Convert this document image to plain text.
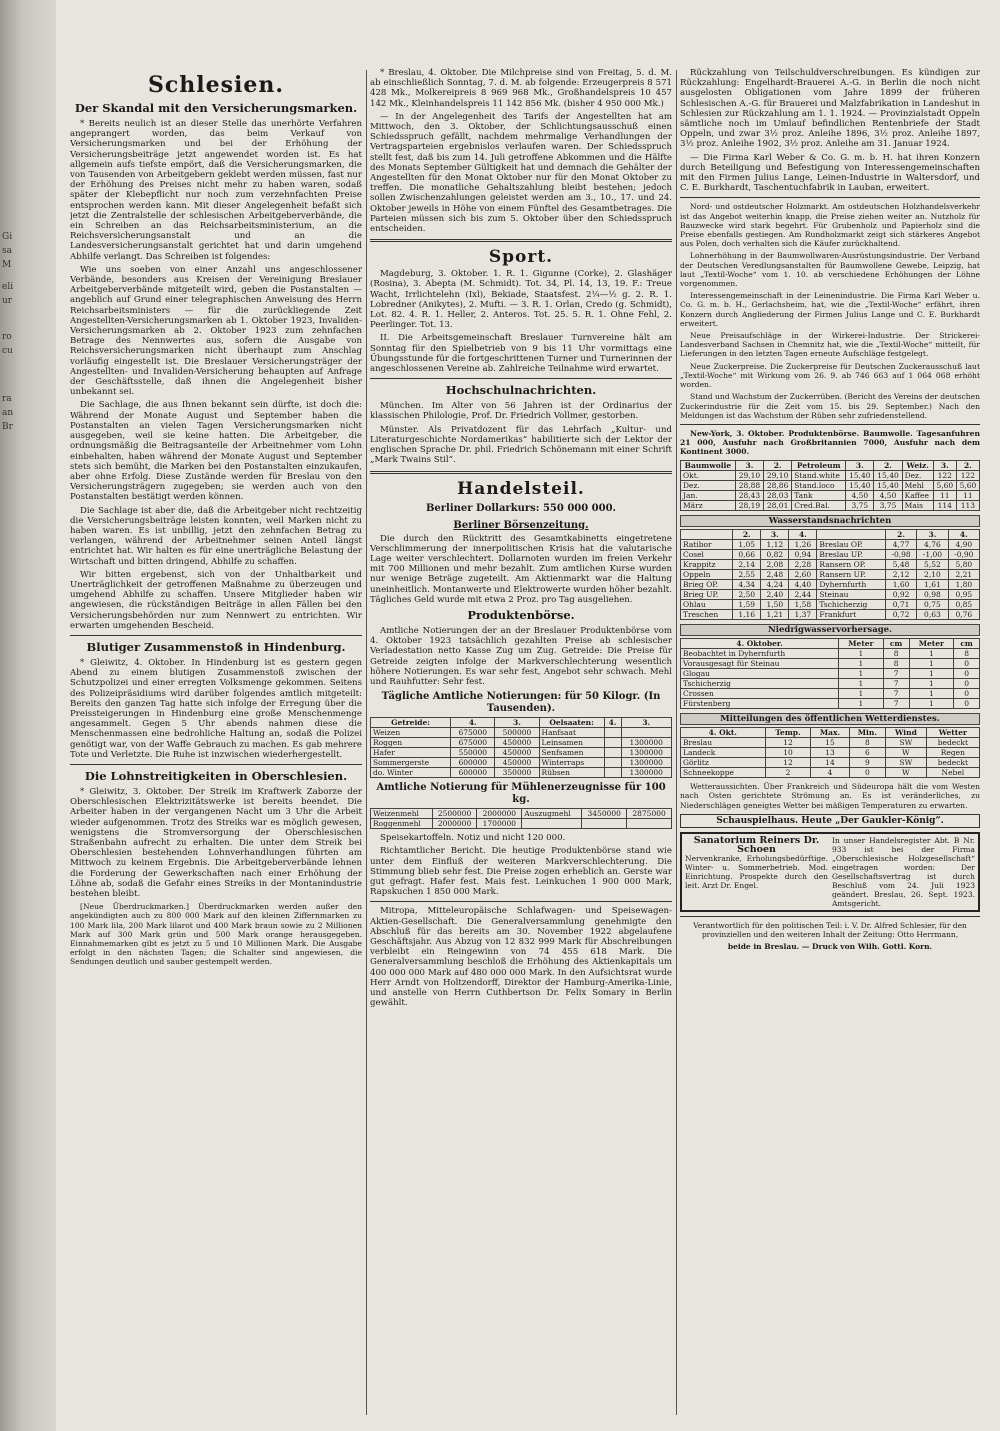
Gi
sa
M
eli
ur
ro
cu
ra
an
Br
Schlesien.
Der Skandal mit den Versicherungsmarken.

* Bereits neulich ist an dieser Stelle das unerhörte Verfahren angeprangert worden, das beim Verkauf von Versicherungsmarken und bei der Erhöhung der Versicherungsbeiträge jetzt angewendet worden ist. Es hat allgemein aufs tiefste empört, daß die Versicherungsmarken, die von Tausenden von Arbeitgebern geklebt werden müssen, fast nur der Erhöhung des Preises nicht mehr zu haben waren, sodaß später der Klebepflicht nur noch zum verzehnfachten Preise entsprochen werden kann. Mit dieser Angelegenheit befaßt sich jetzt die Zentralstelle der schlesischen Arbeitgeberverbände, die ein Schreiben an das Reichsarbeitsministerium, an die Reichsversicherungsanstalt und an die Landesversicherungsanstalt gerichtet hat und darin umgehend Abhilfe verlangt. Das Schreiben ist folgendes:

Wie uns soeben von einer Anzahl uns angeschlossener Verbände, besonders aus Kreisen der Vereinigung Breslauer Arbeitgeberverbände mitgeteilt wird, geben die Postanstalten — angeblich auf Grund einer telegraphischen Anweisung des Herrn Reichsarbeitsministers — für die zurückliegende Zeit Angestellten-Versicherungsmarken ab 1. Oktober 1923, Invaliden-Versicherungsmarken ab 2. Oktober 1923 zum zehnfachen Betrage des Nennwertes aus, sofern die Ausgabe von Reichsversicherungsmarken nicht überhaupt zum Anschlag vorläufig eingestellt ist. Die Breslauer Versicherungsträger der Angestellten- und Invaliden-Versicherung behaupten auf Anfrage der Geschäftsstelle, daß ihnen die Angelegenheit bisher unbekannt sei.

Die Sachlage, die aus Ihnen bekannt sein dürfte, ist doch die: Während der Monate August und September haben die Postanstalten an vielen Tagen Versicherungsmarken nicht ausgegeben, weil sie keine hatten. Die Arbeitgeber, die ordnungsmäßig die Beitragsanteile der Arbeitnehmer vom Lohn einbehalten, haben während der Monate August und September stets sich bemüht, die Marken bei den Postanstalten einzukaufen, aber ohne Erfolg. Diese Zustände werden für Breslau von den Versicherungsträgern zugegeben; sie werden auch von den Postanstalten bestätigt werden können.

Die Sachlage ist aber die, daß die Arbeitgeber nicht rechtzeitig die Versicherungsbeiträge leisten konnten, weil Marken nicht zu haben waren. Es ist unbillig, jetzt den zehnfachen Betrag zu verlangen, während der Arbeitnehmer seinen Anteil längst entrichtet hat. Wir halten es für eine unerträgliche Belastung der Wirtschaft und bitten dringend, Abhilfe zu schaffen.

Wir bitten ergebenst, sich von der Unhaltbarkeit und Unerträglichkeit der getroffenen Maßnahme zu überzeugen und umgehend Abhilfe zu schaffen. Unsere Mitglieder haben wir angewiesen, die rückständigen Beiträge in allen Fällen bei den Versicherungsbehörden nur zum Nennwert zu entrichten. Wir erwarten umgehenden Bescheid.

Blutiger Zusammenstoß in Hindenburg.

* Gleiwitz, 4. Oktober. In Hindenburg ist es gestern gegen Abend zu einem blutigen Zusammenstoß zwischen der Schutzpolizei und einer erregten Volksmenge gekommen. Seitens des Polizeipräsidiums wird darüber folgendes amtlich mitgeteilt: Bereits den ganzen Tag hatte sich infolge der Erregung über die Preissteigerungen in Hindenburg eine große Menschenmenge angesammelt. Gegen 5 Uhr abends nahmen diese die Menschenmassen eine bedrohliche Haltung an, sodaß die Polizei genötigt war, von der Waffe Gebrauch zu machen. Es gab mehrere Tote und Verletzte. Die Ruhe ist inzwischen wiederhergestellt.

Die Lohnstreitigkeiten in Oberschlesien.

* Gleiwitz, 3. Oktober. Der Streik im Kraftwerk Zaborze der Oberschlesischen Elektrizitätswerke ist bereits beendet. Die Arbeiter haben in der vergangenen Nacht um 3 Uhr die Arbeit wieder aufgenommen. Trotz des Streiks war es möglich gewesen, wenigstens die Stromversorgung der Oberschlesischen Straßenbahn aufrecht zu erhalten. Die unter dem Streik bei Oberschlesien bestehenden Lohnverhandlungen führten am Mittwoch zu keinem Ergebnis. Die Arbeitgeberverbände lehnen die Forderung der Gewerkschaften nach einer Erhöhung der Löhne ab, sodaß die Gefahr eines Streiks in der Montanindustrie bestehen bleibt.

[Neue Überdruckmarken.] Überdruckmarken werden außer den angekündigten auch zu 800 000 Mark auf den kleinen Ziffernmarken zu 100 Mark lila, 200 Mark lilarot und 400 Mark braun sowie zu 2 Millionen Mark auf 300 Mark grün und 500 Mark orange herausgegeben. Einnahmemarken gibt es jetzt zu 5 und 10 Millionen Mark. Die Ausgabe erfolgt in den nächsten Tagen; die Schalter sind angewiesen, die Sendungen deutlich und sauber gestempelt werden.

* Breslau, 4. Oktober. Die Milchpreise sind von Freitag, 5. d. M. ab einschließlich Sonntag, 7. d. M. ab folgende: Erzeugerpreis 8 571 428 Mk., Molkereipreis 8 969 968 Mk., Großhandelspreis 10 457 142 Mk., Kleinhandelspreis 11 142 856 Mk. (bisher 4 950 000 Mk.)

— In der Angelegenheit des Tarifs der Angestellten hat am Mittwoch, den 3. Oktober, der Schlichtungsausschuß einen Schiedsspruch gefällt, nachdem mehrmalige Verhandlungen der Vertragsparteien ergebnislos verlaufen waren. Der Schiedsspruch stellt fest, daß bis zum 14. Juli getroffene Abkommen und die Hälfte des Monats September Gültigkeit hat und demnach die Gehälter der Angestellten für den Monat Oktober nur für den Monat Oktober zu treffen. Die monatliche Gehaltszahlung bleibt bestehen; jedoch sollen Zwischenzahlungen geleistet werden am 3., 10., 17. und 24. Oktober jeweils in Höhe von einem Fünftel des Gesamtbetrages. Die Parteien müssen sich bis zum 5. Oktober über den Schiedsspruch entscheiden.

Sport.

Magdeburg, 3. Oktober. 1. R. 1. Gigunne (Corke), 2. Glashäger (Rosina), 3. Abepta (M. Schmidt). Tot. 34, Pl. 14, 13, 19. F.: Treue Wacht, Irrlichtelehn (Ixl), Bekiade, Staatsfest. 2¼—½ g. 2. R. 1. Lobredner (Anikytes), 2. Mufti. — 3. R. 1. Orlan, Credo (g. Schmidt), Lot. 82. 4. R. 1. Heller, 2. Anteros. Tot. 25. 5. R. 1. Ohne Fehl, 2. Peerlinger. Tot. 13.

II. Die Arbeitsgemeinschaft Breslauer Turnvereine hält am Sonntag für den Spielbetrieb von 9 bis 11 Uhr vormittags eine Übungsstunde für die fortgeschrittenen Turner und Turnerinnen der angeschlossenen Vereine ab. Zahlreiche Teilnahme wird erwartet.

Hochschulnachrichten.

München. Im Alter von 56 Jahren ist der Ordinarius der klassischen Philologie, Prof. Dr. Friedrich Vollmer, gestorben.

Münster. Als Privatdozent für das Lehrfach „Kultur- und Literaturgeschichte Nordamerikas“ habilitierte sich der Lektor der englischen Sprache Dr. phil. Friedrich Schönemann mit einer Schrift „Mark Twains Stil“.

Handelsteil.
Berliner Dollarkurs: 550 000 000.
Berliner Börsenzeitung.

Die durch den Rücktritt des Gesamtkabinetts eingetretene Verschlimmerung der innerpolitischen Krisis hat die valutarische Lage weiter verschlechtert. Dollarnoten wurden im freien Verkehr mit 700 Millionen und mehr bezahlt. Zum amtlichen Kurse wurden nur wenige Beträge zugeteilt. Am Aktienmarkt war die Haltung uneinheitlich. Montanwerte und Elektrowerte wurden höher bezahlt. Tägliches Geld wurde mit etwa 2 Proz. pro Tag ausgeliehen.

Produktenbörse.

Amtliche Notierungen der an der Breslauer Produktenbörse vom 4. Oktober 1923 tatsächlich gezahlten Preise ab schlesischer Verladestation netto Kasse Zug um Zug. Getreide: Die Preise für Getreide zeigten infolge der Markverschlechterung wesentlich höhere Notierungen. Es war sehr fest, Angebot sehr schwach. Mehl und Rauhfutter: Sehr fest.

Tägliche Amtliche Notierungen: für 50 Kilogr. (In Tausenden).
Getreide:	4.	3.	Oelsaaten:	4.	3.
Weizen	675000	500000	Hanfsaat		
Roggen	675000	450000	Leinsamen		1300000
Hafer	550000	450000	Senfsamen		1300000
Sommergerste	600000	450000	Winterraps		1300000
do. Winter	600000	350000	Rübsen		1300000
Amtliche Notierung für Mühlenerzeugnisse für 100 kg.
Weizenmehl	2500000	2000000	Auszugmehl	3450000	2875000
Roggenmehl	2000000	1700000			

Speisekartoffeln. Notiz und nicht 120 000.

Richtamtlicher Bericht. Die heutige Produktenbörse stand wie unter dem Einfluß der weiteren Markverschlechterung. Die Stimmung blieb sehr fest. Die Preise zogen erheblich an. Gerste war gut gefragt. Hafer fest. Mais fest. Leinkuchen 1 900 000 Mark, Rapskuchen 1 850 000 Mark.

Mitropa, Mitteleuropäische Schlafwagen- und Speisewagen-Aktien-Gesellschaft. Die Generalversammlung genehmigte den Abschluß für das bereits am 30. November 1922 abgelaufene Geschäftsjahr. Aus Abzug von 12 832 999 Mark für Abschreibungen verbleibt ein Reingewinn von 74 455 618 Mark. Die Generalversammlung beschloß die Erhöhung des Aktienkapitals um 400 000 000 Mark auf 480 000 000 Mark. In den Aufsichtsrat wurde Herr Arndt von Holtzendorff, Direktor der Hamburg-Amerika-Linie, und anstelle von Herrn Cuthbertson Dr. Felix Somary in Berlin gewählt.

Rückzahlung von Teilschuldverschreibungen. Es kündigen zur Rückzahlung: Engelhardt-Brauerei A.-G. in Berlin die noch nicht ausgelosten Obligationen vom Jahre 1899 der früheren Schlesischen A.-G. für Brauerei und Malzfabrikation in Landeshut in Schlesien zur Rückzahlung am 1. 1. 1924. — Provinzialstadt Oppeln sämtliche noch im Umlauf befindlichen Rentenbriefe der Stadt Oppeln, und zwar 3½ proz. Anleihe 1896, 3½ proz. Anleihe 1897, 3½ proz. Anleihe 1902, 3½ proz. Anleihe am 31. Januar 1924.

— Die Firma Karl Weber & Co. G. m. b. H. hat ihren Konzern durch Beteiligung und Befestigung von Interessengemeinschaften mit den Firmen Julius Lange, Leinen-Industrie in Waltersdorf, und C. E. Burkhardt, Taschentuchfabrik in Lauban, erweitert.

Nord- und ostdeutscher Holzmarkt. Am ostdeutschen Holzhandelsverkehr ist das Angebot weiterhin knapp, die Preise ziehen weiter an. Nutzholz für Bauzwecke wird stark begehrt. Für Grubenholz und Papierholz sind die Preise ebenfalls gestiegen. Am Rundholzmarkt zeigt sich stärkeres Angebot aus Polen, doch verhalten sich die Käufer zurückhaltend.

Lohnerhöhung in der Baumwollwaren-Ausrüstungsindustrie. Der Verband der Deutschen Veredlungsanstalten für Baumwollene Gewebe, Leipzig, hat laut „Textil-Woche“ vom 1. 10. ab verschiedene Erhöhungen der Löhne vorgenommen.

Interessengemeinschaft in der Leinenindustrie. Die Firma Karl Weber u. Co. G. m. b. H., Gerlachsheim, hat, wie die „Textil-Woche“ erfährt, ihren Konzern durch Angliederung der Firmen Julius Lange und C. E. Burkhardt erweitert.

Neue Preisaufschläge in der Wirkerei-Industrie. Der Strickerei-Landesverband Sachsen in Chemnitz hat, wie die „Textil-Woche“ mitteilt, für Lieferungen in den letzten Tagen erneute Aufschläge festgelegt.

Neue Zuckerpreise. Die Zuckerpreise für Deutschen Zuckerausschuß laut „Textil-Woche“ mit Wirkung vom 26. 9. ab 746 663 auf 1 064 068 erhöht worden.

Stand und Wachstum der Zuckerrüben. (Bericht des Vereins der deutschen Zuckerindustrie für die Zeit vom 15. bis 29. September.) Nach den Meldungen ist das Wachstum der Rüben sehr zufriedenstellend.

New-York, 3. Oktober. Produktenbörse. Baumwolle. Tagesanfuhren 21 000, Ausfuhr nach Großbritannien 7000, Ausfuhr nach dem Kontinent 3000.

Baumwolle	3.	2.	Petroleum	3.	2.	Weiz.	3.	2.
Okt.	29,10	29,10	Stand.white	15,40	15,40	Dez.	122	122
Dez.	28,88	28,86	Stand.loco	15,40	15,40	Mehl	5,60	5,60
Jan.	28,43	28,03	Tank	4,50	4,50	Kaffee	11	11
März	28,19	28,01	Cred.Bal.	3,75	3,75	Mais	114	113
Wasserstandsnachrichten
	2.	3.	4.		2.	3.	4.
Ratibor	1,05	1,12	1,26	Breslau OP.	4,77	4,76	4,90
Cosel	0,66	0,82	0,94	Breslau UP.	-0,98	-1,00	-0,90
Krappitz	2,14	2,08	2,28	Ransern OP.	5,48	5,52	5,80
Oppeln	2,55	2,48	2,60	Ransern UP.	2,12	2,10	2,21
Brieg OP.	4,34	4,24	4,40	Dyhernfurth	1,60	1,61	1,80
Brieg UP.	2,50	2,40	2,44	Steinau	0,92	0,98	0,95
Ohlau	1,59	1,50	1,58	Tschicherzig	0,71	0,75	0,85
Treschen	1,16	1,21	1,37	Frankfurt	0,72	0,63	0,76
Niedrigwasservorhersage.
4. Oktober.	Meter	cm	Meter	cm
Beobachtet in Dyhernfurth	1	8	1	8
Vorausgesagt für Steinau	1	8	1	0
Glogau	1	7	1	0
Tschicherzig	1	7	1	0
Crossen	1	7	1	0
Fürstenberg	1	7	1	0
Mitteilungen des öffentlichen Wetterdienstes.
4. Okt.	Temp.	Max.	Min.	Wind	Wetter
Breslau	12	15	8	SW	bedeckt
Landeck	10	13	6	W	Regen
Görlitz	12	14	9	SW	bedeckt
Schneekoppe	2	4	0	W	Nebel

Wetteraussichten. Über Frankreich und Südeuropa hält die vom Westen nach Osten gerichtete Strömung an. Es ist veränderliches, zu Niederschlägen geneigtes Wetter bei mäßigen Temperaturen zu erwarten.

Schauspielhaus. Heute „Der Gaukler-König“.
Sanatorium Reiners Dr. Schoen
Nervenkranke, Erholungsbedürftige. Winter- u. Sommerbetrieb. Mod. Einrichtung. Prospekte durch den leit. Arzt Dr. Engel.
In unser Handelsregister Abt. B Nr. 933 ist bei der Firma „Oberschlesische Holzgesellschaft“ eingetragen worden: Der Gesellschaftsvertrag ist durch Beschluß vom 24. Juli 1923 geändert. Breslau, 26. Sept. 1923. Amtsgericht.
Verantwortlich für den politischen Teil: i. V. Dr. Alfred Schlesier, für den provinziellen und den weiteren Inhalt der Zeitung: Otto Herrmann,
beide in Breslau. — Druck von Wilh. Gottl. Korn.
